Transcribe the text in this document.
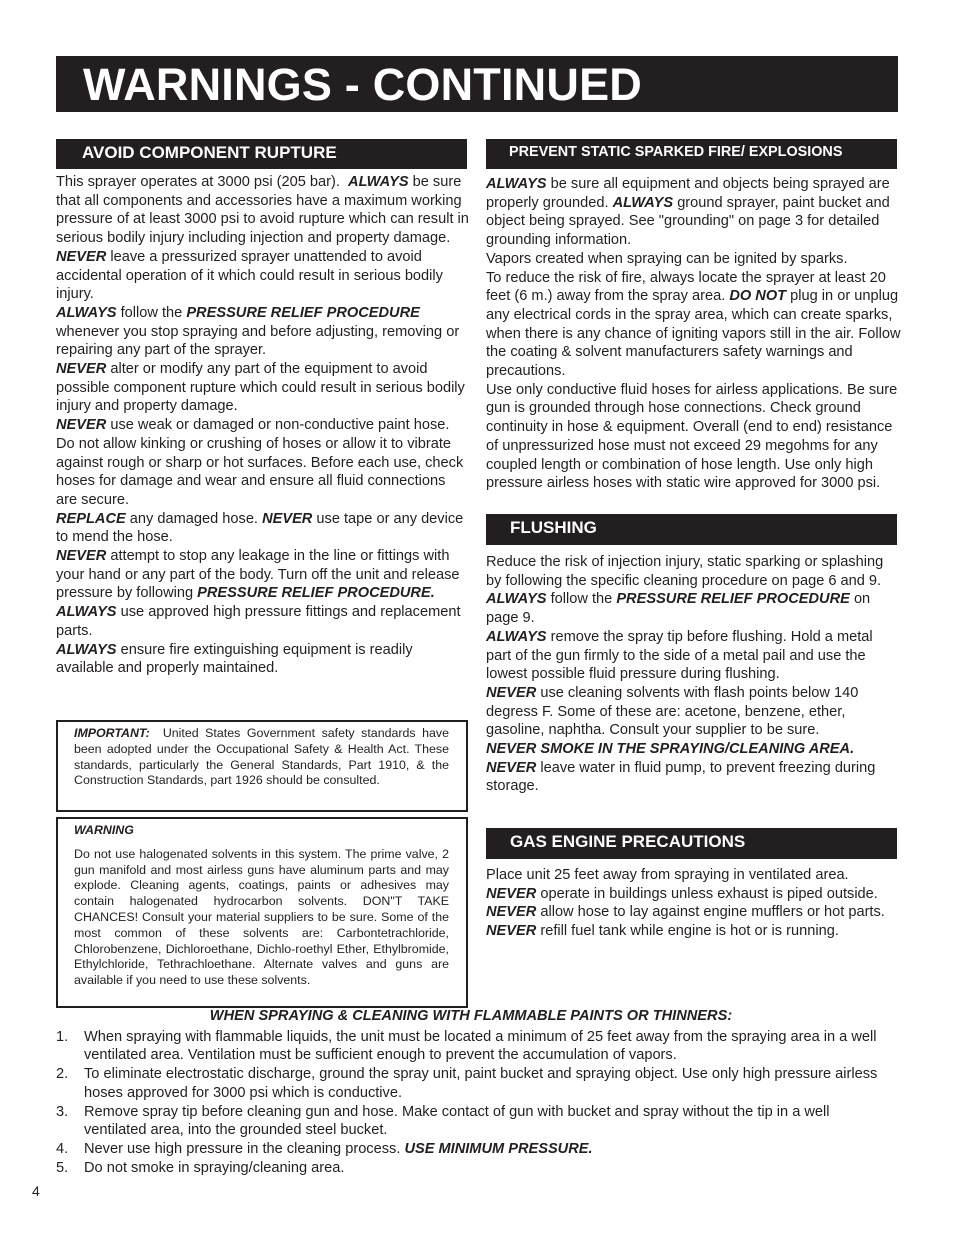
WARNINGS - CONTINUED
AVOID COMPONENT RUPTURE

This sprayer operates at 3000 psi (205 bar). ALWAYS be sure that all components and accessories have a maximum working pressure of at least 3000 psi to avoid rupture which can result in serious bodily injury including injection and property damage.

NEVER leave a pressurized sprayer unattended to avoid accidental operation of it which could result in serious bodily injury.

ALWAYS follow the PRESSURE RELIEF PROCEDURE whenever you stop spraying and before adjusting, removing or repairing any part of the sprayer.

NEVER alter or modify any part of the equipment to avoid possible component rupture which could result in serious bodily injury and property damage.

NEVER use weak or damaged or non-conductive paint hose. Do not allow kinking or crushing of hoses or allow it to vibrate against rough or sharp or hot surfaces. Before each use, check hoses for damage and wear and ensure all fluid connections are secure.

REPLACE any damaged hose. NEVER use tape or any device to mend the hose.

NEVER attempt to stop any leakage in the line or fittings with your hand or any part of the body. Turn off the unit and release pressure by following PRESSURE RELIEF PROCEDURE.

ALWAYS use approved high pressure fittings and replacement parts.

ALWAYS ensure fire extinguishing equipment is readily available and properly maintained.

IMPORTANT: United States Government safety standards have been adopted under the Occupational Safety & Health Act. These standards, particularly the General Standards, Part 1910, & the Construction Standards, part 1926 should be consulted.

WARNING

Do not use halogenated solvents in this system. The prime valve, 2 gun manifold and most airless guns have aluminum parts and may explode. Cleaning agents, coatings, paints or adhesives may contain halogenated hydrocarbon solvents. DON"T TAKE CHANCES! Consult your material suppliers to be sure. Some of the most common of these solvents are: Carbontetrachloride, Chlorobenzene, Dichloroethane, Dichlo-roethyl Ether, Ethylbromide, Ethylchloride, Tethrachloethane. Alternate valves and guns are available if you need to use these solvents.

PREVENT STATIC SPARKED FIRE/ EXPLOSIONS

ALWAYS be sure all equipment and objects being sprayed are properly grounded. ALWAYS ground sprayer, paint bucket and object being sprayed. See "grounding" on page 3 for detailed grounding information.

Vapors created when spraying can be ignited by sparks.

To reduce the risk of fire, always locate the sprayer at least 20 feet (6 m.) away from the spray area. DO NOT plug in or unplug any electrical cords in the spray area, which can create sparks, when there is any chance of igniting vapors still in the air. Follow the coating & solvent manufacturers safety warnings and precautions.

Use only conductive fluid hoses for airless applications. Be sure gun is grounded through hose connections. Check ground continuity in hose & equipment. Overall (end to end) resistance of unpressurized hose must not exceed 29 megohms for any coupled length or combination of hose length. Use only high pressure airless hoses with static wire approved for 3000 psi.

FLUSHING

Reduce the risk of injection injury, static sparking or splashing by following the specific cleaning procedure on page 6 and 9.

ALWAYS follow the PRESSURE RELIEF PROCEDURE on page 9.

ALWAYS remove the spray tip before flushing. Hold a metal part of the gun firmly to the side of a metal pail and use the lowest possible fluid pressure during flushing.

NEVER use cleaning solvents with flash points below 140 degress F. Some of these are: acetone, benzene, ether, gasoline, naphtha. Consult your supplier to be sure.

NEVER SMOKE IN THE SPRAYING/CLEANING AREA.

NEVER leave water in fluid pump, to prevent freezing during storage.

GAS ENGINE PRECAUTIONS

Place unit 25 feet away from spraying in ventilated area.

NEVER operate in buildings unless exhaust is piped outside.

NEVER allow hose to lay against engine mufflers or hot parts.

NEVER refill fuel tank while engine is hot or is running.

WHEN SPRAYING & CLEANING WITH FLAMMABLE PAINTS OR THINNERS:

1. When spraying with flammable liquids, the unit must be located a minimum of 25 feet away from the spraying area in a well ventilated area. Ventilation must be sufficient enough to prevent the accumulation of vapors.
2. To eliminate electrostatic discharge, ground the spray unit, paint bucket and spraying object. Use only high pressure airless hoses approved for 3000 psi which is conductive.
3. Remove spray tip before cleaning gun and hose. Make contact of gun with bucket and spray without the tip in a well ventilated area, into the grounded steel bucket.
4. Never use high pressure in the cleaning process. USE MINIMUM PRESSURE.
5. Do not smoke in spraying/cleaning area.
4
